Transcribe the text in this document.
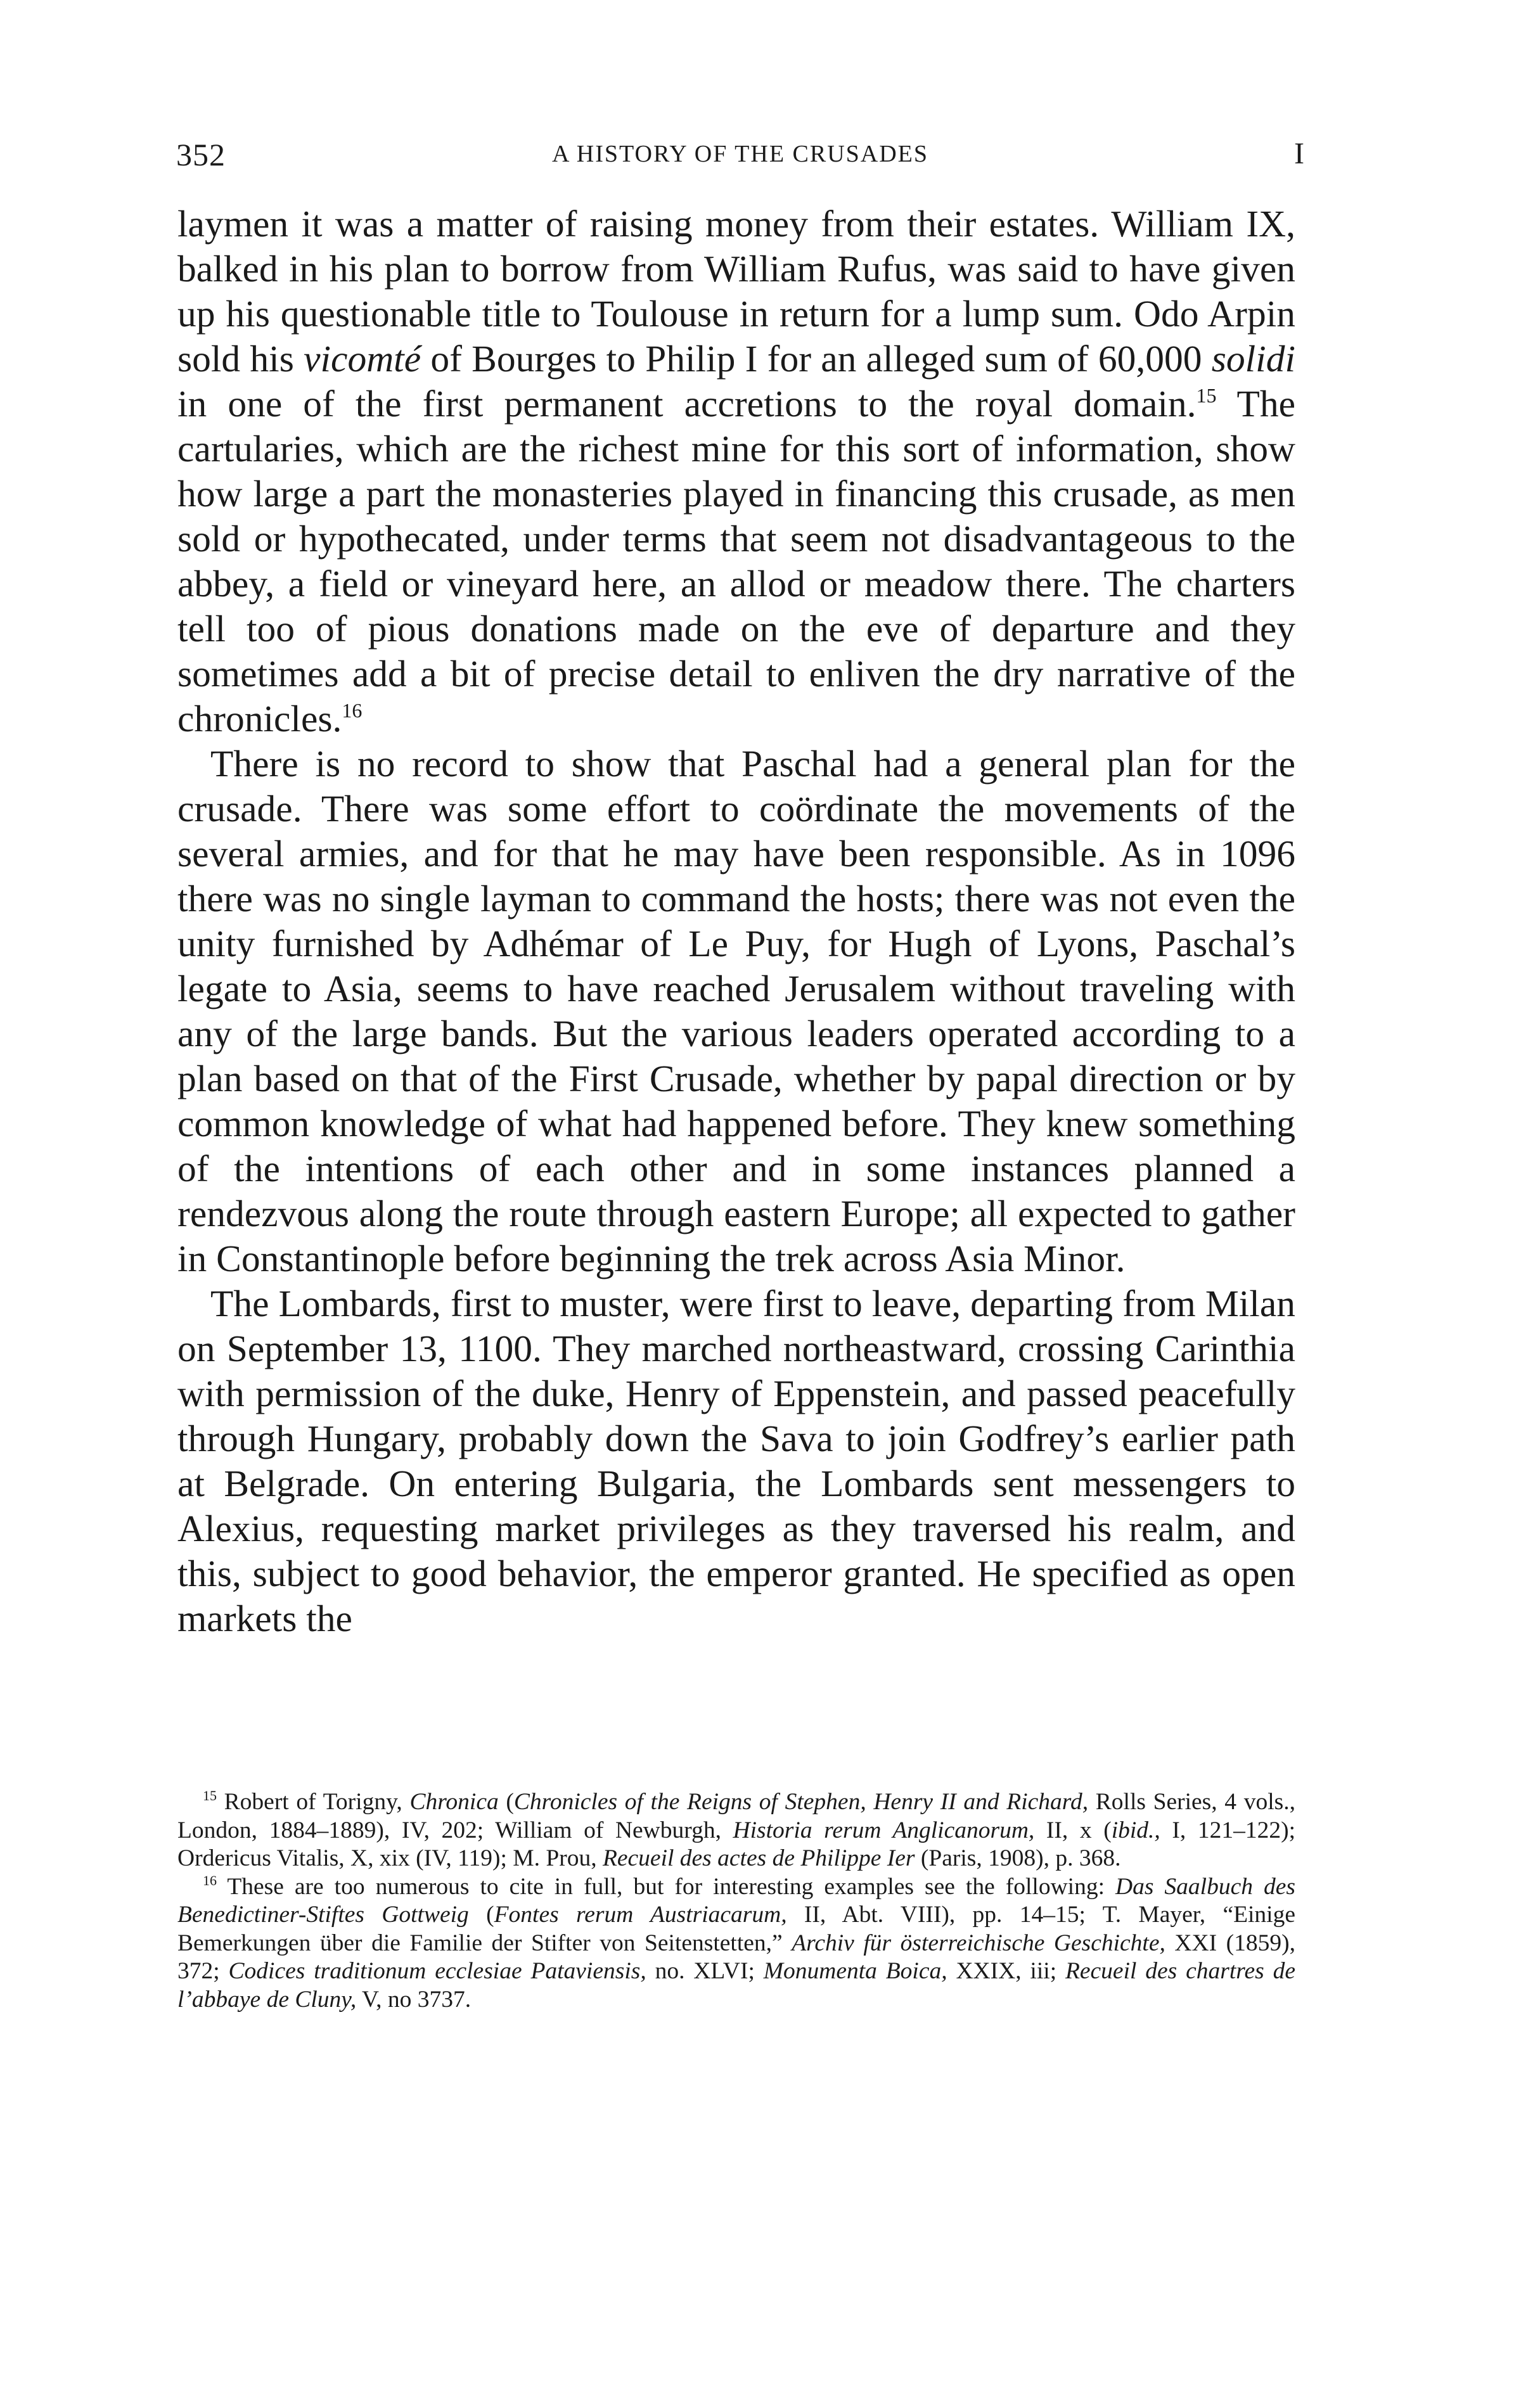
352	A HISTORY OF THE CRUSADES	I

laymen it was a matter of raising money from their estates. William IX, balked in his plan to borrow from William Rufus, was said to have given up his questionable title to Toulouse in return for a lump sum. Odo Arpin sold his vicomté of Bourges to Philip I for an alleged sum of 60,000 solidi in one of the first permanent accretions to the royal domain.$^{15}$ The cartularies, which are the richest mine for this sort of information, show how large a part the monasteries played in financing this crusade, as men sold or hypothecated, under terms that seem not disadvantageous to the abbey, a field or vineyard here, an allod or meadow there. The charters tell too of pious donations made on the eve of departure and they sometimes add a bit of precise detail to enliven the dry narrative of the chronicles.$^{16}$

There is no record to show that Paschal had a general plan for the crusade. There was some effort to coördinate the movements of the several armies, and for that he may have been responsible. As in 1096 there was no single layman to command the hosts; there was not even the unity furnished by Adhémar of Le Puy, for Hugh of Lyons, Paschal’s legate to Asia, seems to have reached Jerusalem without traveling with any of the large bands. But the various leaders operated according to a plan based on that of the First Crusade, whether by papal direction or by common knowledge of what had happened before. They knew something of the intentions of each other and in some instances planned a rendezvous along the route through eastern Europe; all expected to gather in Constantinople before beginning the trek across Asia Minor.

The Lombards, first to muster, were first to leave, departing from Milan on September 13, 1100. They marched northeastward, crossing Carinthia with permission of the duke, Henry of Eppenstein, and passed peacefully through Hungary, probably down the Sava to join Godfrey’s earlier path at Belgrade. On entering Bulgaria, the Lombards sent messengers to Alexius, requesting market privileges as they traversed his realm, and this, subject to good behavior, the emperor granted. He specified as open markets the

$^{15}$ Robert of Torigny, Chronica (Chronicles of the Reigns of Stephen, Henry II and Richard, Rolls Series, 4 vols., London, 1884–1889), IV, 202; William of Newburgh, Historia rerum Anglicanorum, II, x (ibid., I, 121–122); Ordericus Vitalis, X, xix (IV, 119); M. Prou, Recueil des actes de Philippe Ier (Paris, 1908), p. 368.

$^{16}$ These are too numerous to cite in full, but for interesting examples see the following: Das Saalbuch des Benedictiner-Stiftes Gottweig (Fontes rerum Austriacarum, II, Abt. VIII), pp. 14–15; T. Mayer, “Einige Bemerkungen über die Familie der Stifter von Seitenstetten,” Archiv für österreichische Geschichte, XXI (1859), 372; Codices traditionum ecclesiae Pataviensis, no. XLVI; Monumenta Boica, XXIX, iii; Recueil des chartres de l’abbaye de Cluny, V, no 3737.
